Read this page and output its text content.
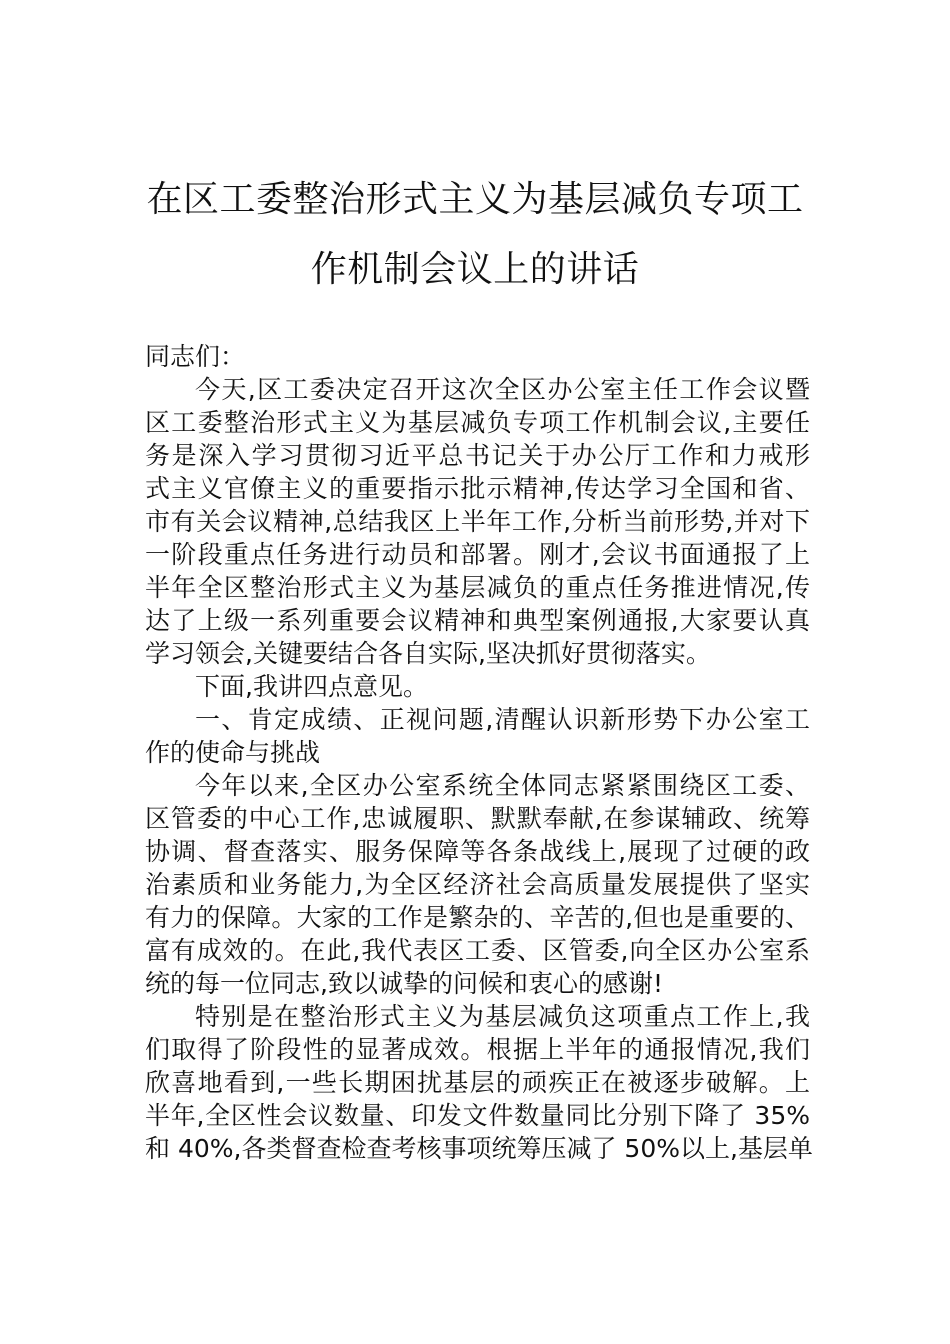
在区工委整治形式主义为基层减负专项工
作机制会议上的讲话
同志们：
今天,区工委决定召开这次全区办公室主任工作会议暨
区工委整治形式主义为基层减负专项工作机制会议,主要任
务是深入学习贯彻习近平总书记关于办公厅工作和力戒形
式主义官僚主义的重要指示批示精神,传达学习全国和省、
市有关会议精神,总结我区上半年工作,分析当前形势,并对下
一阶段重点任务进行动员和部署。刚才,会议书面通报了上
半年全区整治形式主义为基层减负的重点任务推进情况,传
达了上级一系列重要会议精神和典型案例通报,大家要认真
学习领会,关键要结合各自实际,坚决抓好贯彻落实。
下面,我讲四点意见。
一、肯定成绩、正视问题,清醒认识新形势下办公室工
作的使命与挑战
今年以来,全区办公室系统全体同志紧紧围绕区工委、
区管委的中心工作,忠诚履职、默默奉献,在参谋辅政、统筹
协调、督查落实、服务保障等各条战线上,展现了过硬的政
治素质和业务能力,为全区经济社会高质量发展提供了坚实
有力的保障。大家的工作是繁杂的、辛苦的,但也是重要的、
富有成效的。在此,我代表区工委、区管委,向全区办公室系
统的每一位同志,致以诚挚的问候和衷心的感谢!
特别是在整治形式主义为基层减负这项重点工作上,我
们取得了阶段性的显著成效。根据上半年的通报情况,我们
欣喜地看到,一些长期困扰基层的顽疾正在被逐步破解。上
半年,全区性会议数量、印发文件数量同比分别下降了 35%
和 40%,各类督查检查考核事项统筹压减了 50%以上,基层单
